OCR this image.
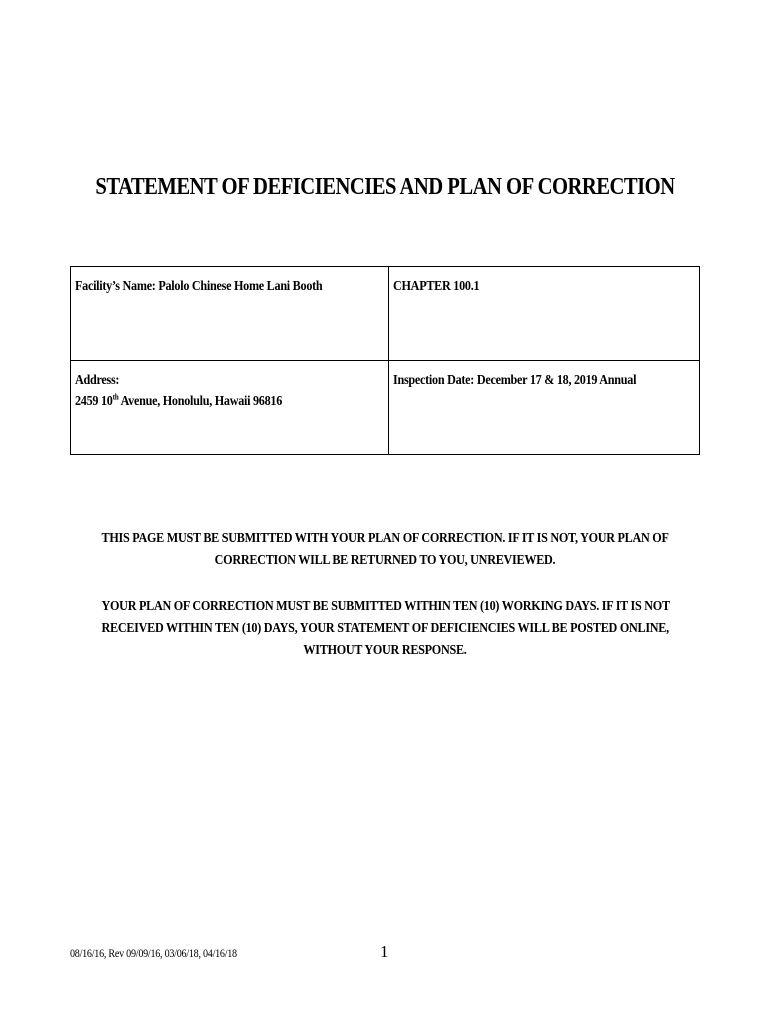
STATEMENT OF DEFICIENCIES AND PLAN OF CORRECTION
Facility’s Name: Palolo Chinese Home Lani Booth	CHAPTER 100.1
Address:
2459 10th Avenue, Honolulu, Hawaii 96816	Inspection Date: December 17 & 18, 2019 Annual

THIS PAGE MUST BE SUBMITTED WITH YOUR PLAN OF CORRECTION. IF IT IS NOT, YOUR PLAN OF
CORRECTION WILL BE RETURNED TO YOU, UNREVIEWED.

YOUR PLAN OF CORRECTION MUST BE SUBMITTED WITHIN TEN (10) WORKING DAYS. IF IT IS NOT
RECEIVED WITHIN TEN (10) DAYS, YOUR STATEMENT OF DEFICIENCIES WILL BE POSTED ONLINE,
WITHOUT YOUR RESPONSE.

08/16/16, Rev 09/09/16, 03/06/18, 04/16/18	1
